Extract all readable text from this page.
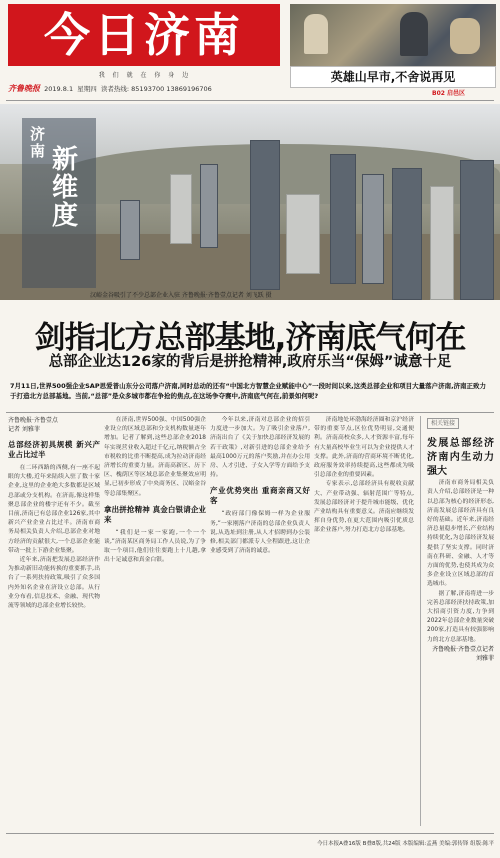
今日济南
我 们 就 在 你 身 边	英雄山早市,不舍说再见
B02 启邑区
齐鲁晚报 2019.8.1 星期四 读者热线: 85193700 13869196706
济南 新维度
汉峪金谷吸引了不少总部企业入驻 齐鲁晚报·齐鲁壹点记者 刘飞跃 摄
剑指北方总部基地,济南底气何在
总部企业达126家的背后是拼抢精神,政府乐当“保姆”诚意十足
7月11日,世界500强企业SAP思爱普山东分公司落户济南,同时总动的还有“中国北方智慧企业赋能中心”一段时间以来,这类总部企业和项目大量落户济南,济南正致力于打造北方总部基地。当前,“总部”是众多城市都在争抢的焦点,在这场争夺赛中,济南底气何在,前景如何呢?
齐鲁晚报·齐鲁壹点
记者 刘雅菲
总部经济初具规模 新兴产业占比过半

在二环西路的西侧,有一座不起眼的大楼,近年来陆续入驻了数十家企业,这里的企业绝大多数都是区域总部或分支机构。在济南,像这样集聚总部企业的楼宇还有不少。截至目前,济南已有总部企业126家,其中新兴产业企业占比过半。济南市商务局相关负责人介绍,总部企业对地方经济的贡献很大,一个总部企业能带动一批上下游企业集聚。

近年来,济南把发展总部经济作为推动新旧动能转换的重要抓手,出台了一系列扶持政策,吸引了众多国内外知名企业在济设立总部。从行业分布看,信息技术、金融、现代物流等领域的总部企业增长较快。

在济南,世界500强、中国500强企业设立的区域总部和分支机构数量逐年增加。记者了解到,这些总部企业2018年实现营业收入超过千亿元,纳税额占全市税收的比重不断提高,成为拉动济南经济增长的重要力量。济南高新区、历下区、槐荫区等区域总部企业集聚效应明显,已初步形成了中央商务区、汉峪金谷等总部集聚区。

拿出拼抢精神 真金白银请企业来

“我们是一家一家跑,一个一个谈,”济南某区商务局工作人员说,为了争取一个项目,他们往往要跑上十几趟,拿出十足诚意和真金白银。

今年以来,济南对总部企业的招引力度进一步加大。为了吸引企业落户,济南出台了《关于加快总部经济发展的若干政策》,对新引进的总部企业给予最高1000万元的落户奖励,并在办公用房、人才引进、子女入学等方面给予支持。

产业优势突出 重商亲商又好客

“政府部门像保姆一样为企业服务,”一家刚落户济南的总部企业负责人说,从选址到注册,从人才招聘到办公装修,相关部门都派专人全程跟进,这让企业感受到了济南的诚意。

济南地处环渤海经济圈和京沪经济带的重要节点,区位优势明显,交通便利。济南高校众多,人才资源丰富,每年有大量高校毕业生可以为企业提供人才支撑。此外,济南的营商环境不断优化,政府服务效率持续提高,这些都成为吸引总部企业的重要因素。

专家表示,总部经济具有税收贡献大、产业带动强、辐射范围广等特点,发展总部经济对于提升城市能级、优化产业结构具有重要意义。济南应继续发挥自身优势,在更大范围内吸引优质总部企业落户,努力打造北方总部基地。

相关链接
发展总部经济 济南内生动力强大

济南市商务局相关负责人介绍,总部经济是一种以总部为核心的经济形态,济南发展总部经济具有良好的基础。近年来,济南经济总量稳步增长,产业结构持续优化,为总部经济发展提供了坚实支撑。同时济南在科研、金融、人才等方面的优势,也使其成为众多企业设立区域总部的首选城市。

据了解,济南将进一步完善总部经济扶持政策,加大招商引资力度,力争到2022年总部企业数量突破200家,打造具有较强影响力的北方总部基地。

齐鲁晚报·齐鲁壹点记者 刘雅菲
今日本报A叠16版 B叠8版,共24版 本版编辑:孟燕 美编:郭传锋 组版:陈平
